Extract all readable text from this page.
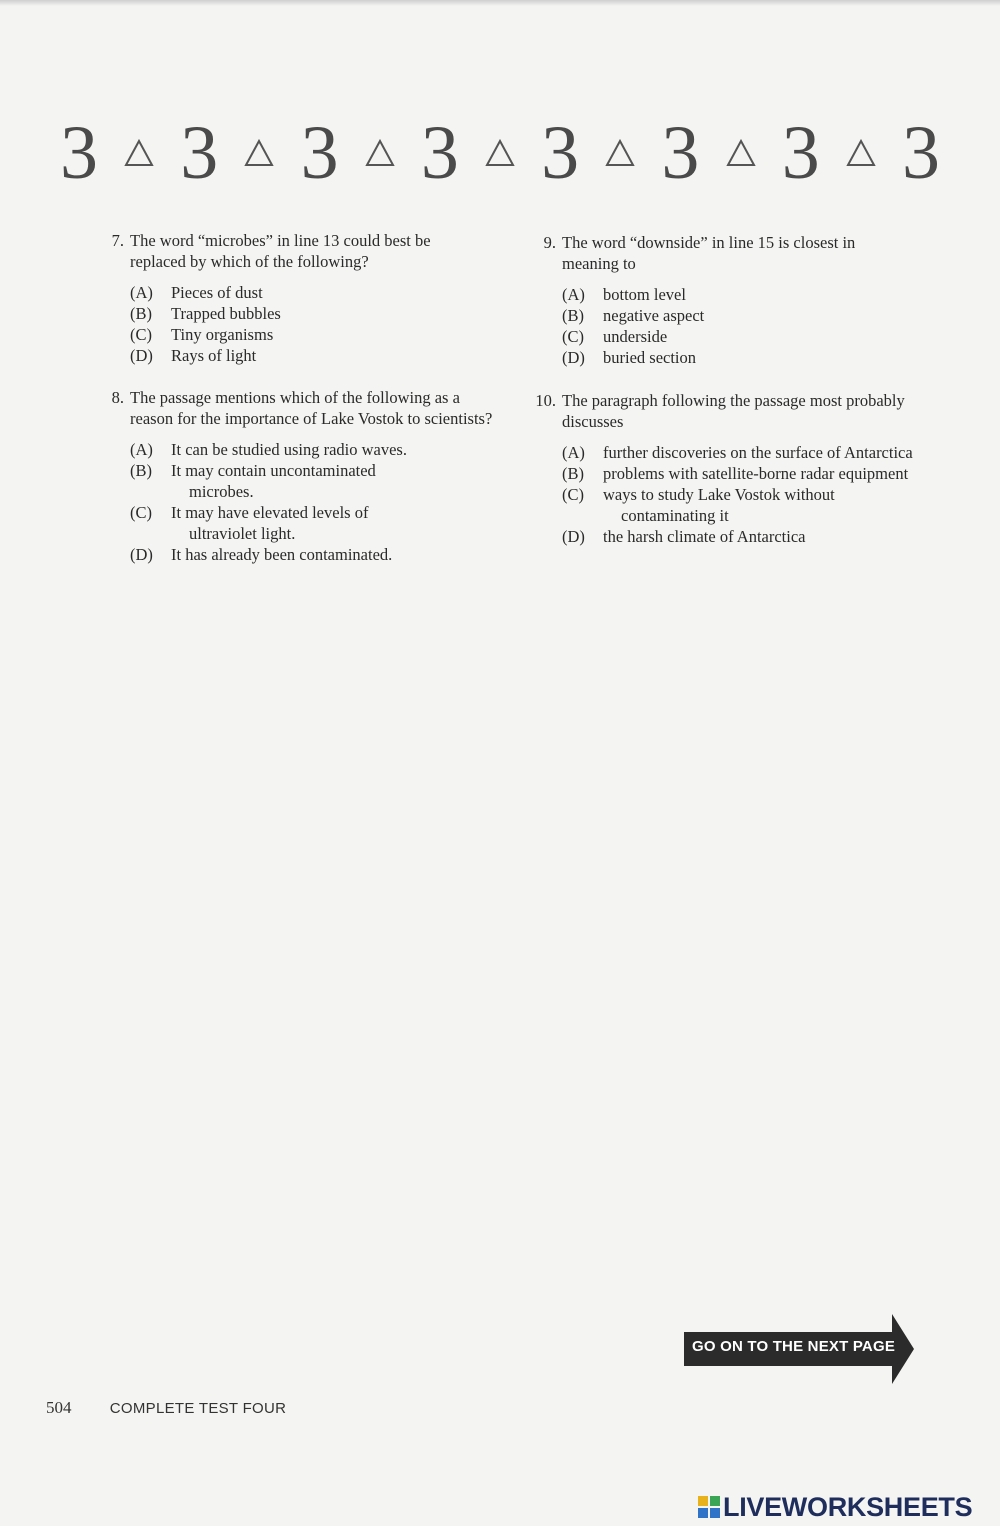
3 3 3 3 3 3 3 3
7. The word “microbes” in line 13 could best be replaced by which of the following?
(A) Pieces of dust
(B) Trapped bubbles
(C) Tiny organisms
(D) Rays of light
8. The passage mentions which of the following as a reason for the importance of Lake Vostok to scientists?
(A) It can be studied using radio waves.
(B) It may contain uncontaminated microbes.
(C) It may have elevated levels of ultraviolet light.
(D) It has already been contaminated.
9. The word “downside” in line 15 is closest in meaning to
(A) bottom level
(B) negative aspect
(C) underside
(D) buried section
10. The paragraph following the passage most probably discusses
(A) further discoveries on the surface of Antarctica
(B) problems with satellite-borne radar equipment
(C) ways to study Lake Vostok without contaminating it
(D) the harsh climate of Antarctica
GO ON TO THE NEXT PAGE
504	COMPLETE TEST FOUR
LIVEWORKSHEETS
